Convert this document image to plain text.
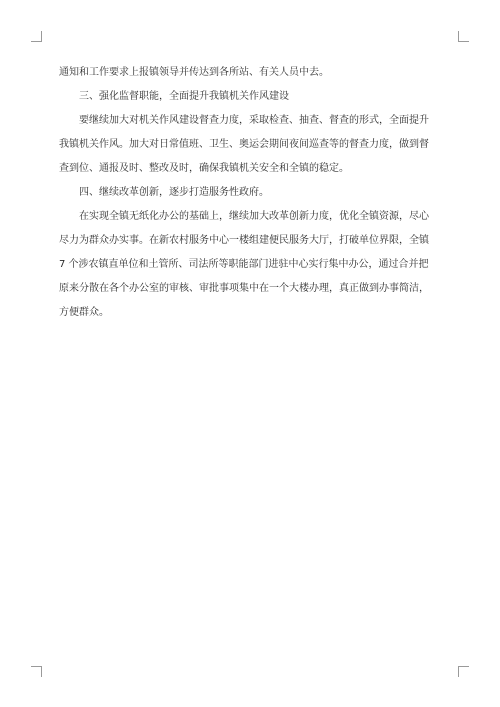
通知和工作要求上报镇领导并传达到各所站、有关人员中去。
三、强化监督职能，全面提升我镇机关作风建设
要继续加大对机关作风建设督查力度，采取检查、抽查、督查的形式，全面提升
我镇机关作风。加大对日常值班、卫生、奥运会期间夜间巡查等的督查力度，做到督
查到位、通报及时、整改及时，确保我镇机关安全和全镇的稳定。
四、继续改革创新，逐步打造服务性政府。
在实现全镇无纸化办公的基础上，继续加大改革创新力度，优化全镇资源，尽心
尽力为群众办实事。在新农村服务中心一楼组建便民服务大厅，打破单位界限，全镇
7 个涉农镇直单位和土管所、司法所等职能部门进驻中心实行集中办公，通过合并把
原来分散在各个办公室的审核、审批事项集中在一个大楼办理，真正做到办事简洁，
方便群众。
